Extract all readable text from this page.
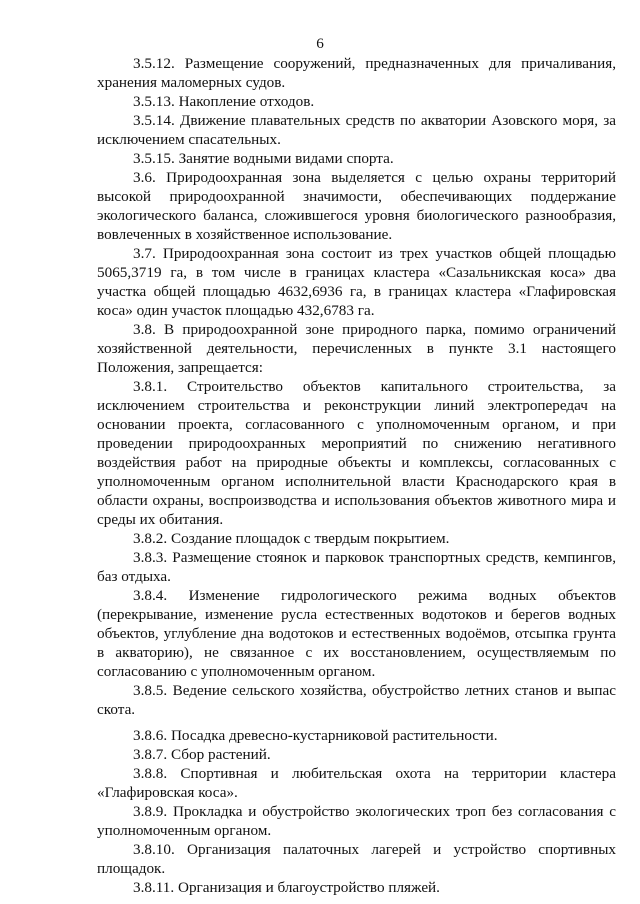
6

3.5.12. Размещение сооружений, предназначенных для причаливания, хранения маломерных судов.

3.5.13. Накопление отходов.

3.5.14. Движение плавательных средств по акватории Азовского моря, за исключением спасательных.

3.5.15. Занятие водными видами спорта.

3.6. Природоохранная зона выделяется с целью охраны территорий высокой природоохранной значимости, обеспечивающих поддержание экологического баланса, сложившегося уровня биологического разнообразия, вовлеченных в хозяйственное использование.

3.7. Природоохранная зона состоит из трех участков общей площадью 5065,3719 га, в том числе в границах кластера «Сазальникская коса» два участка общей площадью 4632,6936 га, в границах кластера «Глафировская коса» один участок площадью 432,6783 га.

3.8. В природоохранной зоне природного парка, помимо ограничений хозяйственной деятельности, перечисленных в пункте 3.1 настоящего Положения, запрещается:

3.8.1. Строительство объектов капитального строительства, за исключением строительства и реконструкции линий электропередач на основании проекта, согласованного с уполномоченным органом, и при проведении природоохранных мероприятий по снижению негативного воздействия работ на природные объекты и комплексы, согласованных с уполномоченным органом исполнительной власти Краснодарского края в области охраны, воспроизводства и использования объектов животного мира и среды их обитания.

3.8.2. Создание площадок с твердым покрытием.

3.8.3. Размещение стоянок и парковок транспортных средств, кемпингов, баз отдыха.

3.8.4. Изменение гидрологического режима водных объектов (перекрывание, изменение русла естественных водотоков и берегов водных объектов, углубление дна водотоков и естественных водоёмов, отсыпка грунта в акваторию), не связанное с их восстановлением, осуществляемым по согласованию с уполномоченным органом.

3.8.5. Ведение сельского хозяйства, обустройство летних станов и выпас скота.

3.8.6. Посадка древесно-кустарниковой растительности.

3.8.7. Сбор растений.

3.8.8. Спортивная и любительская охота на территории кластера «Глафировская коса».

3.8.9. Прокладка и обустройство экологических троп без согласования с уполномоченным органом.

3.8.10. Организация палаточных лагерей и устройство спортивных площадок.

3.8.11. Организация и благоустройство пляжей.
